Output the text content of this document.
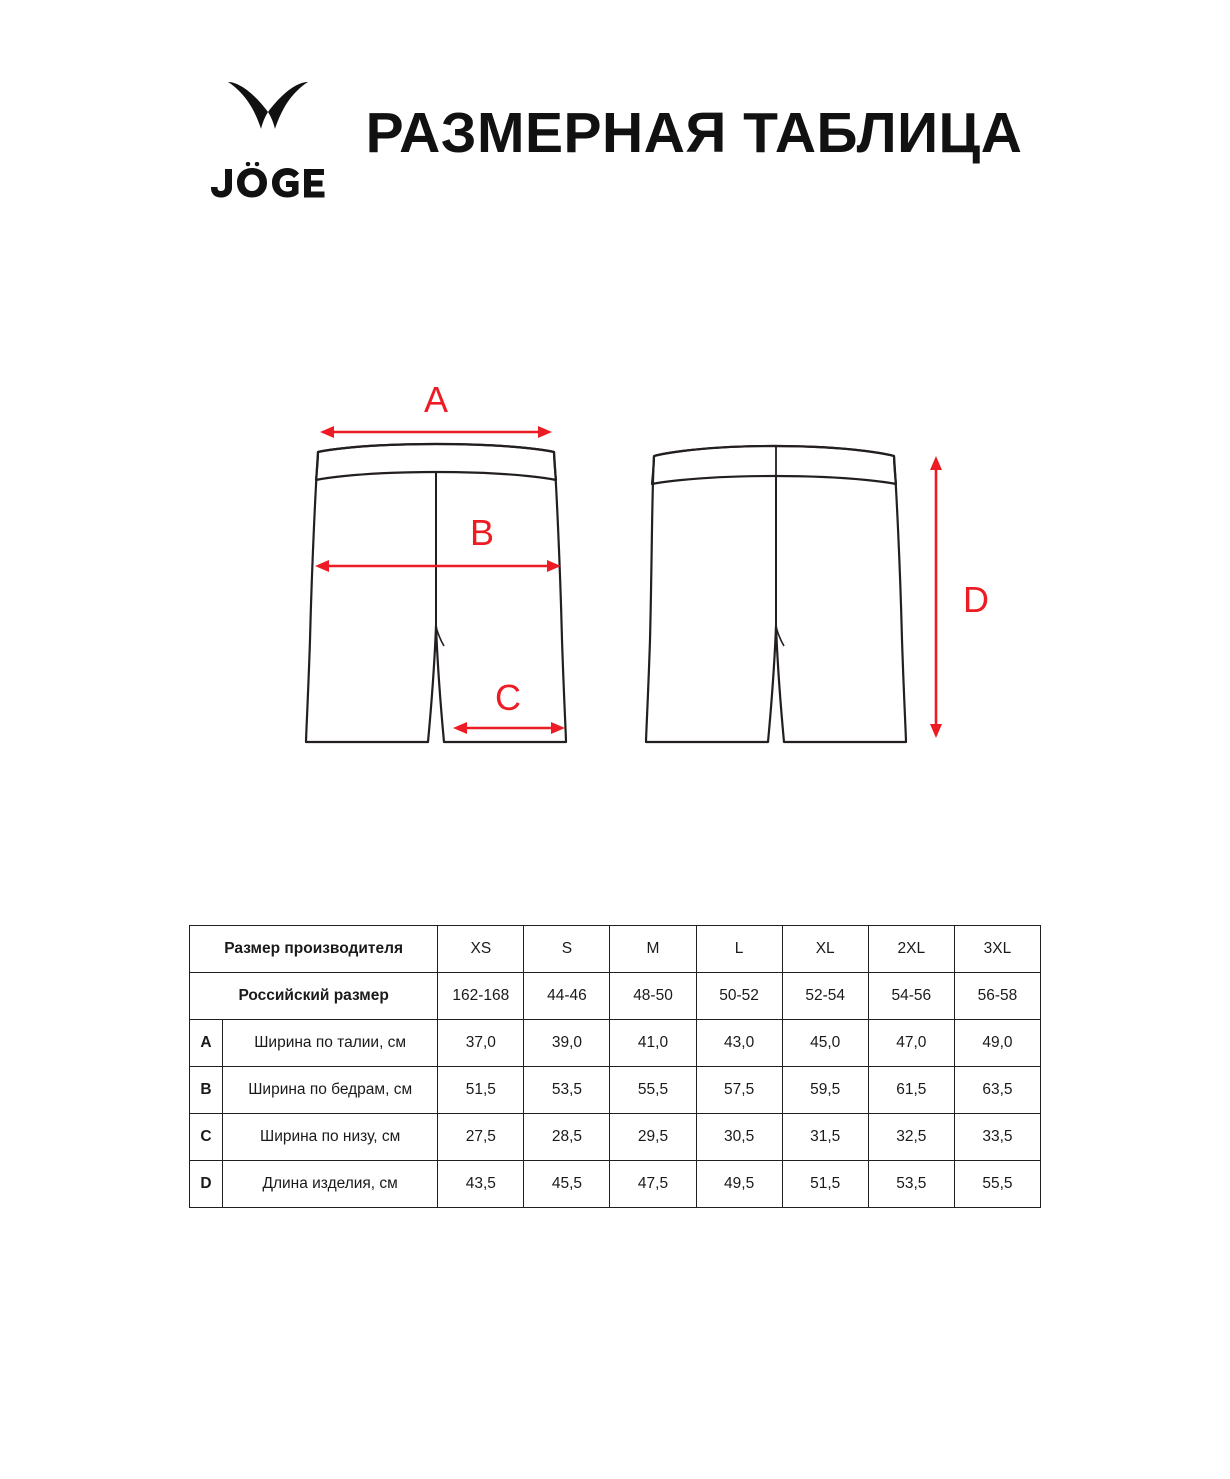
РАЗМЕРНАЯ ТАБЛИЦА
A
B
C
D
Размер производителя		XS	S	M	L	XL	2XL	3XL
Российский размер		162-168	44-46	48-50	50-52	52-54	54-56	56-58
A	Ширина по талии, см	37,0	39,0	41,0	43,0	45,0	47,0	49,0
B	Ширина по бедрам, см	51,5	53,5	55,5	57,5	59,5	61,5	63,5
C	Ширина по низу, см	27,5	28,5	29,5	30,5	31,5	32,5	33,5
D	Длина изделия, см	43,5	45,5	47,5	49,5	51,5	53,5	55,5
